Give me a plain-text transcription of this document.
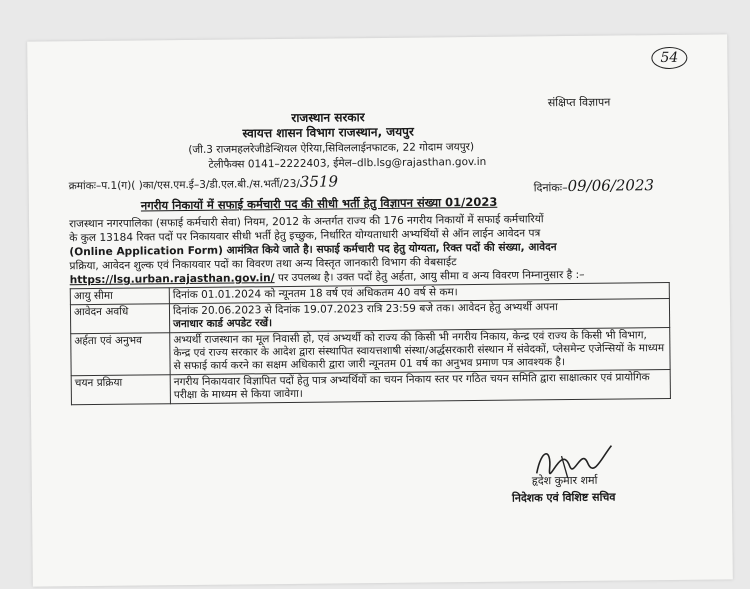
54
राजस्थान सरकार
स्वायत्त शासन विभाग राजस्थान, जयपुर
(जी.3 राजमहलरेजीडेन्शियल ऐरिया,सिविललाईनफाटक, 22 गोदाम जयपुर)
टेलीफैक्स 0141–2222403, ईमेल–dlb.lsg@rajasthan.gov.in
संक्षिप्त विज्ञापन
क्रमांकः–प.1(ग)( )का/एस.एम.ई–3/डी.एल.बी./स.भर्ती/23/3519	दिनांकः–09/06/2023
नगरीय निकायों में सफाई कर्मचारी पद की सीधी भर्ती हेतु विज्ञापन संख्या 01/2023
राजस्थान नगरपालिका (सफाई कर्मचारी सेवा) नियम, 2012 के अन्तर्गत राज्य की 176 नगरीय निकायों में सफाई कर्मचारियों
के कुल 13184 रिक्त पदों पर निकायवार सीधी भर्ती हेतु इच्छुक, निर्धारित योग्यताधारी अभ्यर्थियों से ऑन लाईन आवेदन पत्र
(Online Application Form) आमंत्रित किये जाते है। सफाई कर्मचारी पद हेतु योग्यता, रिक्त पदों की संख्या, आवेदन
प्रक्रिया, आवेदन शुल्क एवं निकायवार पदों का विवरण तथा अन्य विस्तृत जानकारी विभाग की वेबसाईट
https://lsg.urban.rajasthan.gov.in/ पर उपलब्ध है। उक्त पदों हेतु अर्हता, आयु सीमा व अन्य विवरण निम्नानुसार है :–
आयु सीमा	दिनांक 01.01.2024 को न्यूनतम 18 वर्ष एवं अधिकतम 40 वर्ष से कम।
आवेदन अवधि	दिनांक 20.06.2023 से दिनांक 19.07.2023 रात्रि 23:59 बजे तक। आवेदन हेतु अभ्यर्थी अपना
जनाधार कार्ड अपडेट रखें।
अर्हता एवं अनुभव	अभ्यर्थी राजस्थान का मूल निवासी हो, एवं अभ्यर्थी को राज्य की किसी भी नगरीय निकाय, केन्द्र एवं राज्य के किसी भी विभाग, केन्द्र एवं राज्य सरकार के आदेश द्वारा संस्थापित स्वायत्तशाषी संस्था/अर्द्धसरकारी संस्थान में संवेदकों, प्लेसमेन्ट एजेन्सियों के माध्यम से सफाई कार्य करने का सक्षम अधिकारी द्वारा जारी न्यूनतम 01 वर्ष का अनुभव प्रमाण पत्र आवश्यक है।
चयन प्रक्रिया	नगरीय निकायवार विज्ञापित पदों हेतु पात्र अभ्यर्थियों का चयन निकाय स्तर पर गठित चयन समिति द्वारा साक्षात्कार एवं प्रायोगिक परीक्षा के माध्यम से किया जावेगा।
हृदेश कुमार शर्मा
निदेशक एवं विशिष्ट सचिव
